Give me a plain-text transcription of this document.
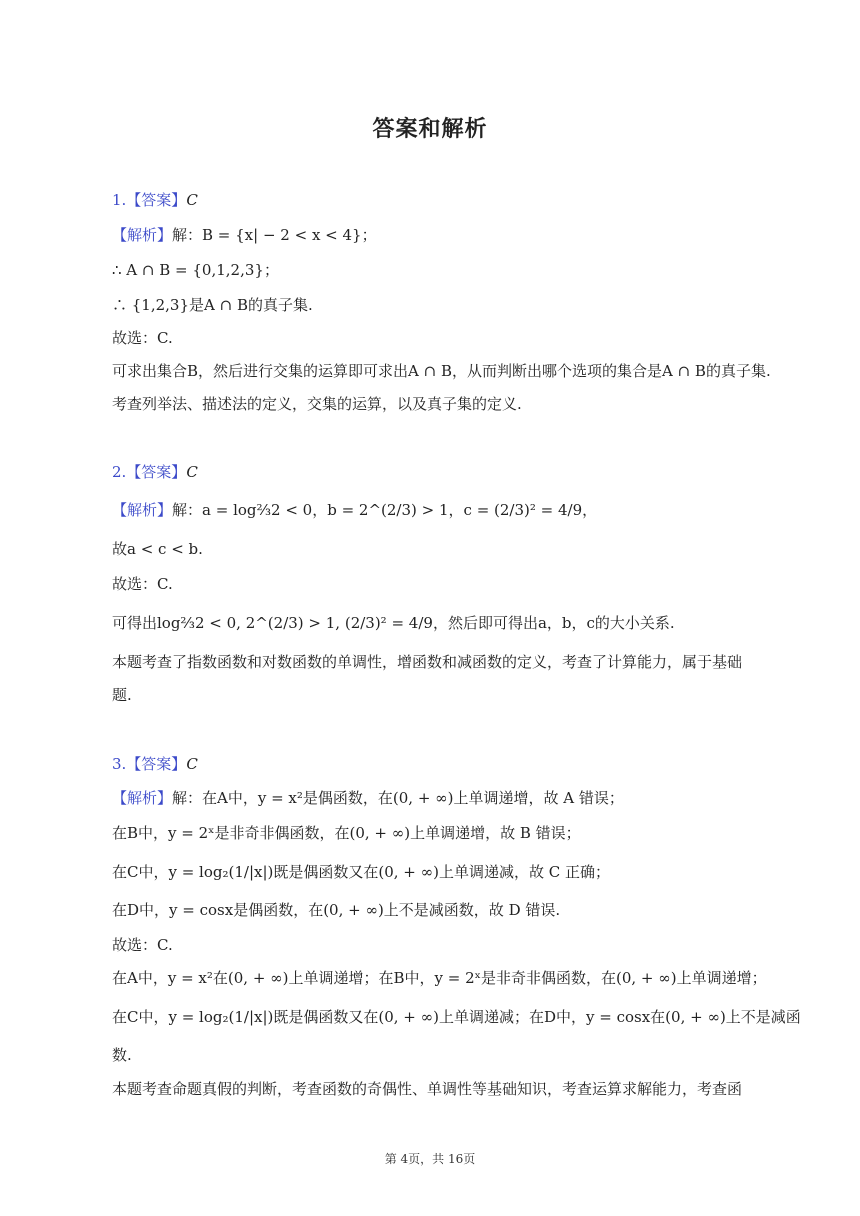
答案和解析
1.【答案】C
【解析】解：B = {x| − 2 < x < 4}；
∴ A ∩ B = {0,1,2,3}；
∴ {1,2,3}是A ∩ B的真子集.
故选：C.
可求出集合B，然后进行交集的运算即可求出A ∩ B，从而判断出哪个选项的集合是A ∩ B的真子集.
考查列举法、描述法的定义，交集的运算，以及真子集的定义.
2.【答案】C
【解析】解：a = log⅔2 < 0，b = 2^(2/3) > 1，c = (2/3)² = 4/9，
故a < c < b.
故选：C.
可得出log⅔2 < 0, 2^(2/3) > 1, (2/3)² = 4/9，然后即可得出a，b，c的大小关系.
本题考查了指数函数和对数函数的单调性，增函数和减函数的定义，考查了计算能力，属于基础
题.
3.【答案】C
【解析】解：在A中，y = x²是偶函数，在(0, + ∞)上单调递增，故 A 错误；
在B中，y = 2ˣ是非奇非偶函数，在(0, + ∞)上单调递增，故 B 错误；
在C中，y = log₂(1/|x|)既是偶函数又在(0, + ∞)上单调递减，故 C 正确；
在D中，y = cosx是偶函数，在(0, + ∞)上不是减函数，故 D 错误.
故选：C.
在A中，y = x²在(0, + ∞)上单调递增；在B中，y = 2ˣ是非奇非偶函数，在(0, + ∞)上单调递增；
在C中，y = log₂(1/|x|)既是偶函数又在(0, + ∞)上单调递减；在D中，y = cosx在(0, + ∞)上不是减函
数.
本题考查命题真假的判断，考查函数的奇偶性、单调性等基础知识，考查运算求解能力，考查函
第 4页，共 16页
